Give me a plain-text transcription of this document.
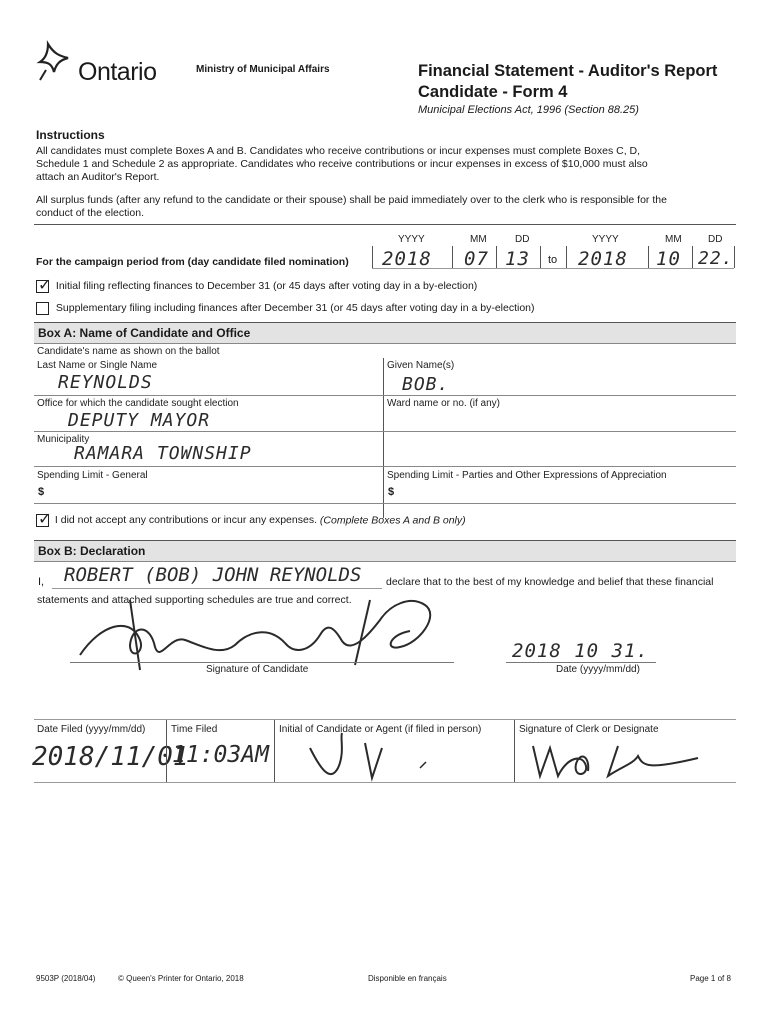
Ontario	Ministry of Municipal Affairs	Financial Statement - Auditor's Report
Candidate - Form 4
Municipal Elections Act, 1996 (Section 88.25)
Instructions
All candidates must complete Boxes A and B. Candidates who receive contributions or incur expenses must complete Boxes C, D,
Schedule 1 and Schedule 2 as appropriate. Candidates who receive contributions or incur expenses in excess of $10,000 must also
attach an Auditor's Report.
All surplus funds (after any refund to the candidate or their spouse) shall be paid immediately over to the clerk who is responsible for the
conduct of the election.
YYYY	MM	DD	YYYY	MM	DD
For the campaign period from (day candidate filed nomination) 2018 07 13 to 2018 10 22.
✓ Initial filing reflecting finances to December 31 (or 45 days after voting day in a by-election)
Supplementary filing including finances after December 31 (or 45 days after voting day in a by-election)
Box A: Name of Candidate and Office
Candidate's name as shown on the ballot
Last Name or Single Name
REYNOLDS
Given Name(s)
BOB.
Office for which the candidate sought election
DEPUTY MAYOR
Ward name or no. (if any)
Municipality
RAMARA TOWNSHIP
Spending Limit - General
$
Spending Limit - Parties and Other Expressions of Appreciation
$
✓ I did not accept any contributions or incur any expenses. (Complete Boxes A and B only)
Box B: Declaration
I, ROBERT (BOB) JOHN REYNOLDS declare that to the best of my knowledge and belief that these financial
statements and attached supporting schedules are true and correct.
Signature of Candidate
2018 10 31.
Date (yyyy/mm/dd)
Date Filed (yyyy/mm/dd)
2018/11/01
Time Filed
11:03AM
Initial of Candidate or Agent (if filed in person)	Signature of Clerk or Designate
9503P (2018/04)	© Queen's Printer for Ontario, 2018	Disponible en français	Page 1 of 8
